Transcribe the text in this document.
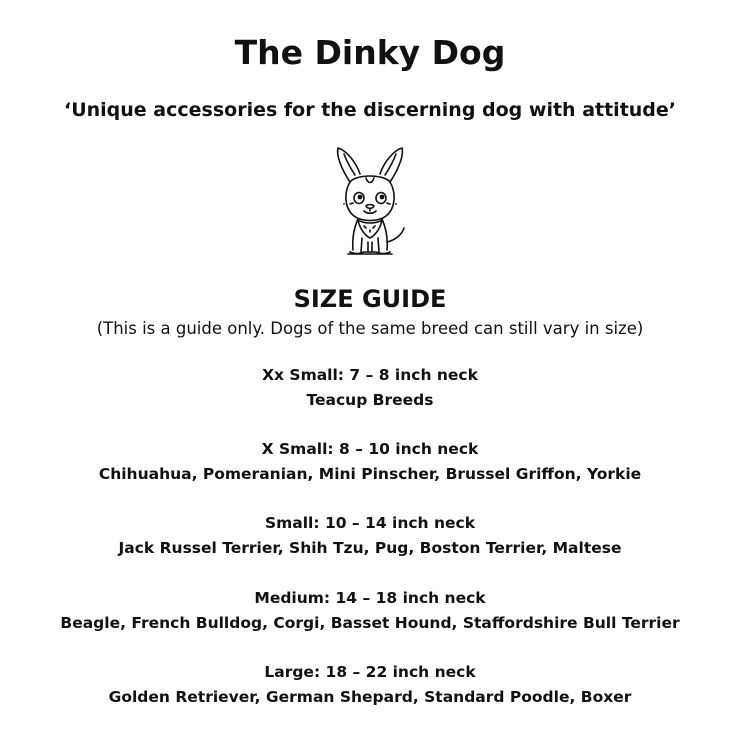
The Dinky Dog
‘Unique accessories for the discerning dog with attitude’
SIZE GUIDE
(This is a guide only. Dogs of the same breed can still vary in size)
Xx Small: 7 – 8 inch neck
Teacup Breeds
X Small: 8 – 10 inch neck
Chihuahua, Pomeranian, Mini Pinscher, Brussel Griffon, Yorkie
Small: 10 – 14 inch neck
Jack Russel Terrier, Shih Tzu, Pug, Boston Terrier, Maltese
Medium: 14 – 18 inch neck
Beagle, French Bulldog, Corgi, Basset Hound, Staffordshire Bull Terrier
Large: 18 – 22 inch neck
Golden Retriever, German Shepard, Standard Poodle, Boxer
